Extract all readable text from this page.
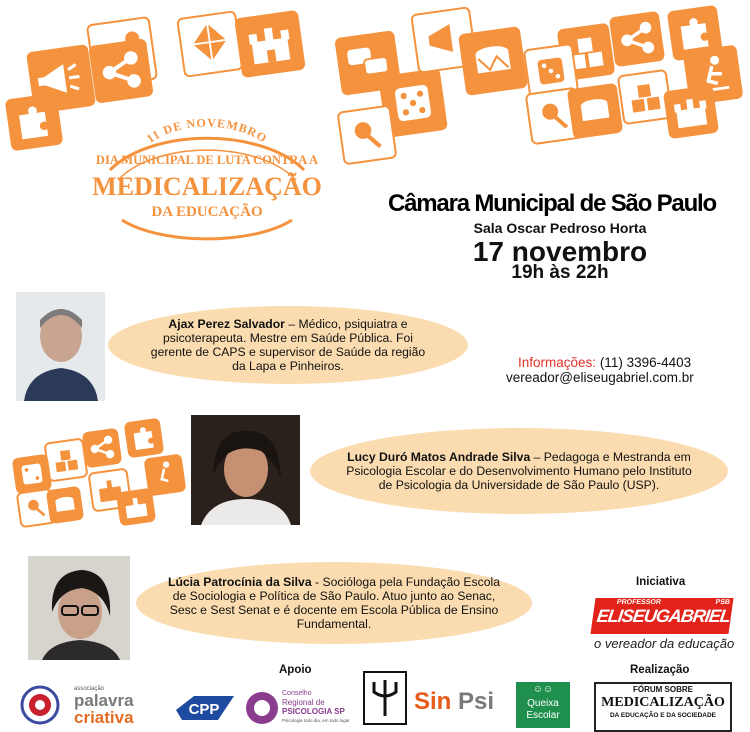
11 DE NOVEMBRO
DIA MUNICIPAL DE LUTA CONTRA A
MEDICALIZAÇÃO
DA EDUCAÇÃO	Câmara Municipal de São Paulo
Sala Oscar Pedroso Horta
17 novembro
19h às 22h
Ajax Perez Salvador – Médico, psiquiatra e psicoterapeuta. Mestre em Saúde Pública. Foi gerente de CAPS e supervisor de Saúde da região da Lapa e Pinheiros.	Informações: (11) 3396-4403
vereador@eliseugabriel.com.br
Lucy Duró Matos Andrade Silva – Pedagoga e Mestranda em Psicologia Escolar e do Desenvolvimento Humano pelo Instituto de Psicologia da Universidade de São Paulo (USP).
Lúcia Patrocínia da Silva - Socióloga pela Fundação Escola de Sociologia e Política de São Paulo. Atuo junto ao Senac, Sesc e Sest Senat e é docente em Escola Pública de Ensino Fundamental.
Iniciativa
PROFESSOR
ELISEUGABRIEL
PSB
o vereador da educação
Apoio	Realização
associação
palavra
criativa	CPP
Conselho
Regional de
PSICOLOGIA SP
Psicologia todo dia, em todo lugar
Sin Psi	☺☺
Queixa
Escolar
FÓRUM SOBRE
MEDICALIZAÇÃO
DA EDUCAÇÃO E DA SOCIEDADE
